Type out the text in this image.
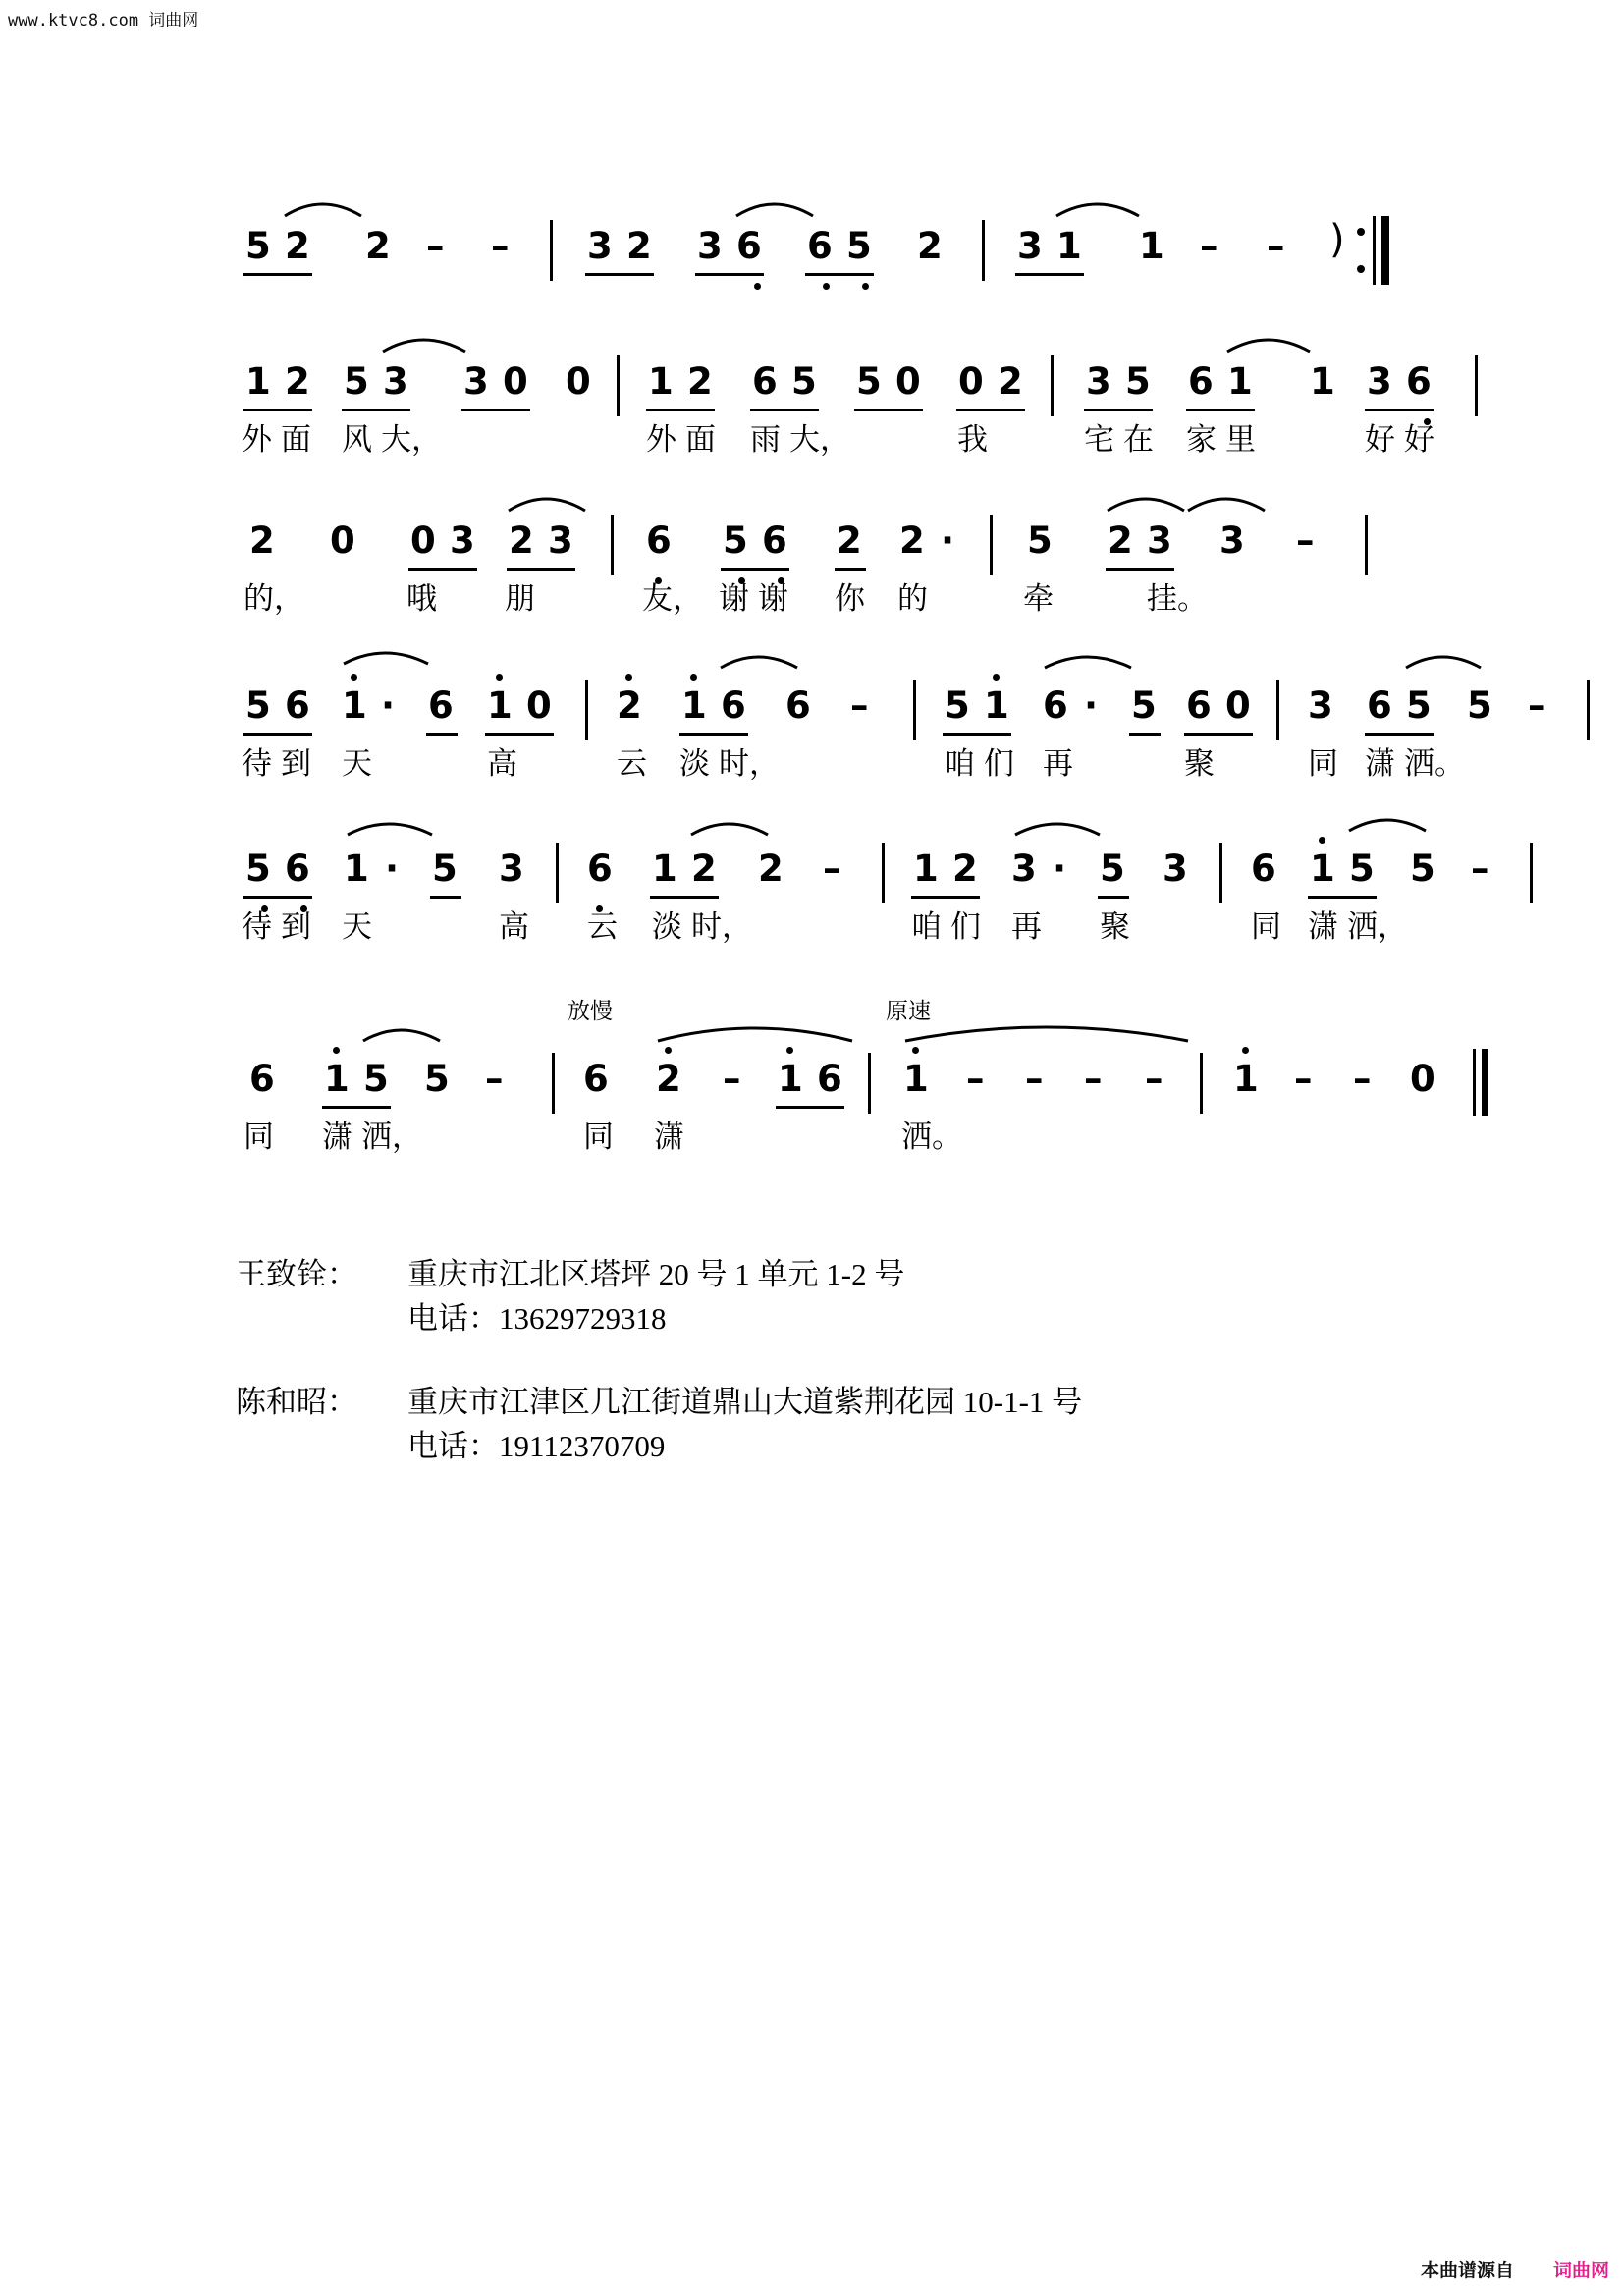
www.ktvc8.com 词曲网
本曲谱源自 词曲网
5 2 2 – – 3 2 3 6 6 5 2 3 1 1 – – )
1 2 5 3 3 0 0 1 2 6 5 5 0 0 2 3 5 6 1 1 3 6
外 面 风 大，	外 面 雨 大，	我	宅 在 家 里	好 好
2 0 0 3 2 3 6 5 6 2 2 · 5 2 3 3 –
的，	哦 朋	友， 谢 谢 你 的	牵	挂。
5 6 1 · 6 1 0 2 1 6 6 – 5 1 6 · 5 6 0 3 6 5 5 –
待 到 天	高	云 淡 时，	咱 们 再	聚	同 潇 洒。
5 6 1 · 5 3 6 1 2 2 – 1 2 3 · 5 3 6 1 5 5 –
待 到 天	高 云 淡 时，	咱 们 再 聚	同 潇 洒，
放慢	原速
6 1 5 5 – 6 2 – 1 6 1 – – – – 1 – – 0
同 潇 洒，	同 潇	洒。
王致铨： 重庆市江北区塔坪 20 号 1 单元 1-2 号
电话：13629729318
陈和昭： 重庆市江津区几江街道鼎山大道紫荆花园 10-1-1 号
电话：19112370709
